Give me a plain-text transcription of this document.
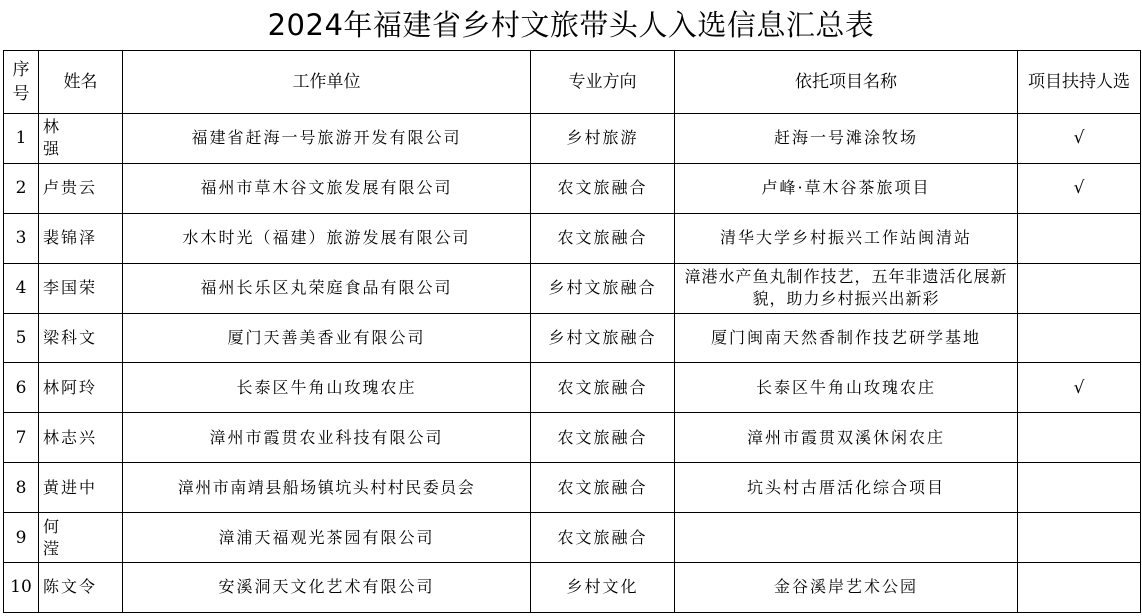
2024年福建省乡村文旅带头人入选信息汇总表
序号	姓名	工作单位	专业方向	依托项目名称	项目扶持人选
1	林　强	福建省赶海一号旅游开发有限公司	乡村旅游	赶海一号滩涂牧场	√
2	卢贵云	福州市草木谷文旅发展有限公司	农文旅融合	卢峰·草木谷茶旅项目	√
3	裴锦泽	水木时光（福建）旅游发展有限公司	农文旅融合	清华大学乡村振兴工作站闽清站	
4	李国荣	福州长乐区丸荣庭食品有限公司	乡村文旅融合	漳港水产鱼丸制作技艺，五年非遗活化展新貌，助力乡村振兴出新彩	
5	梁科文	厦门天善美香业有限公司	乡村文旅融合	厦门闽南天然香制作技艺研学基地	
6	林阿玲	长泰区牛角山玫瑰农庄	农文旅融合	长泰区牛角山玫瑰农庄	√
7	林志兴	漳州市霞贯农业科技有限公司	农文旅融合	漳州市霞贯双溪休闲农庄	
8	黄进中	漳州市南靖县船场镇坑头村村民委员会	农文旅融合	坑头村古厝活化综合项目	
9	何　滢	漳浦天福观光茶园有限公司	农文旅融合		
10	陈文令	安溪洞天文化艺术有限公司	乡村文化	金谷溪岸艺术公园	
